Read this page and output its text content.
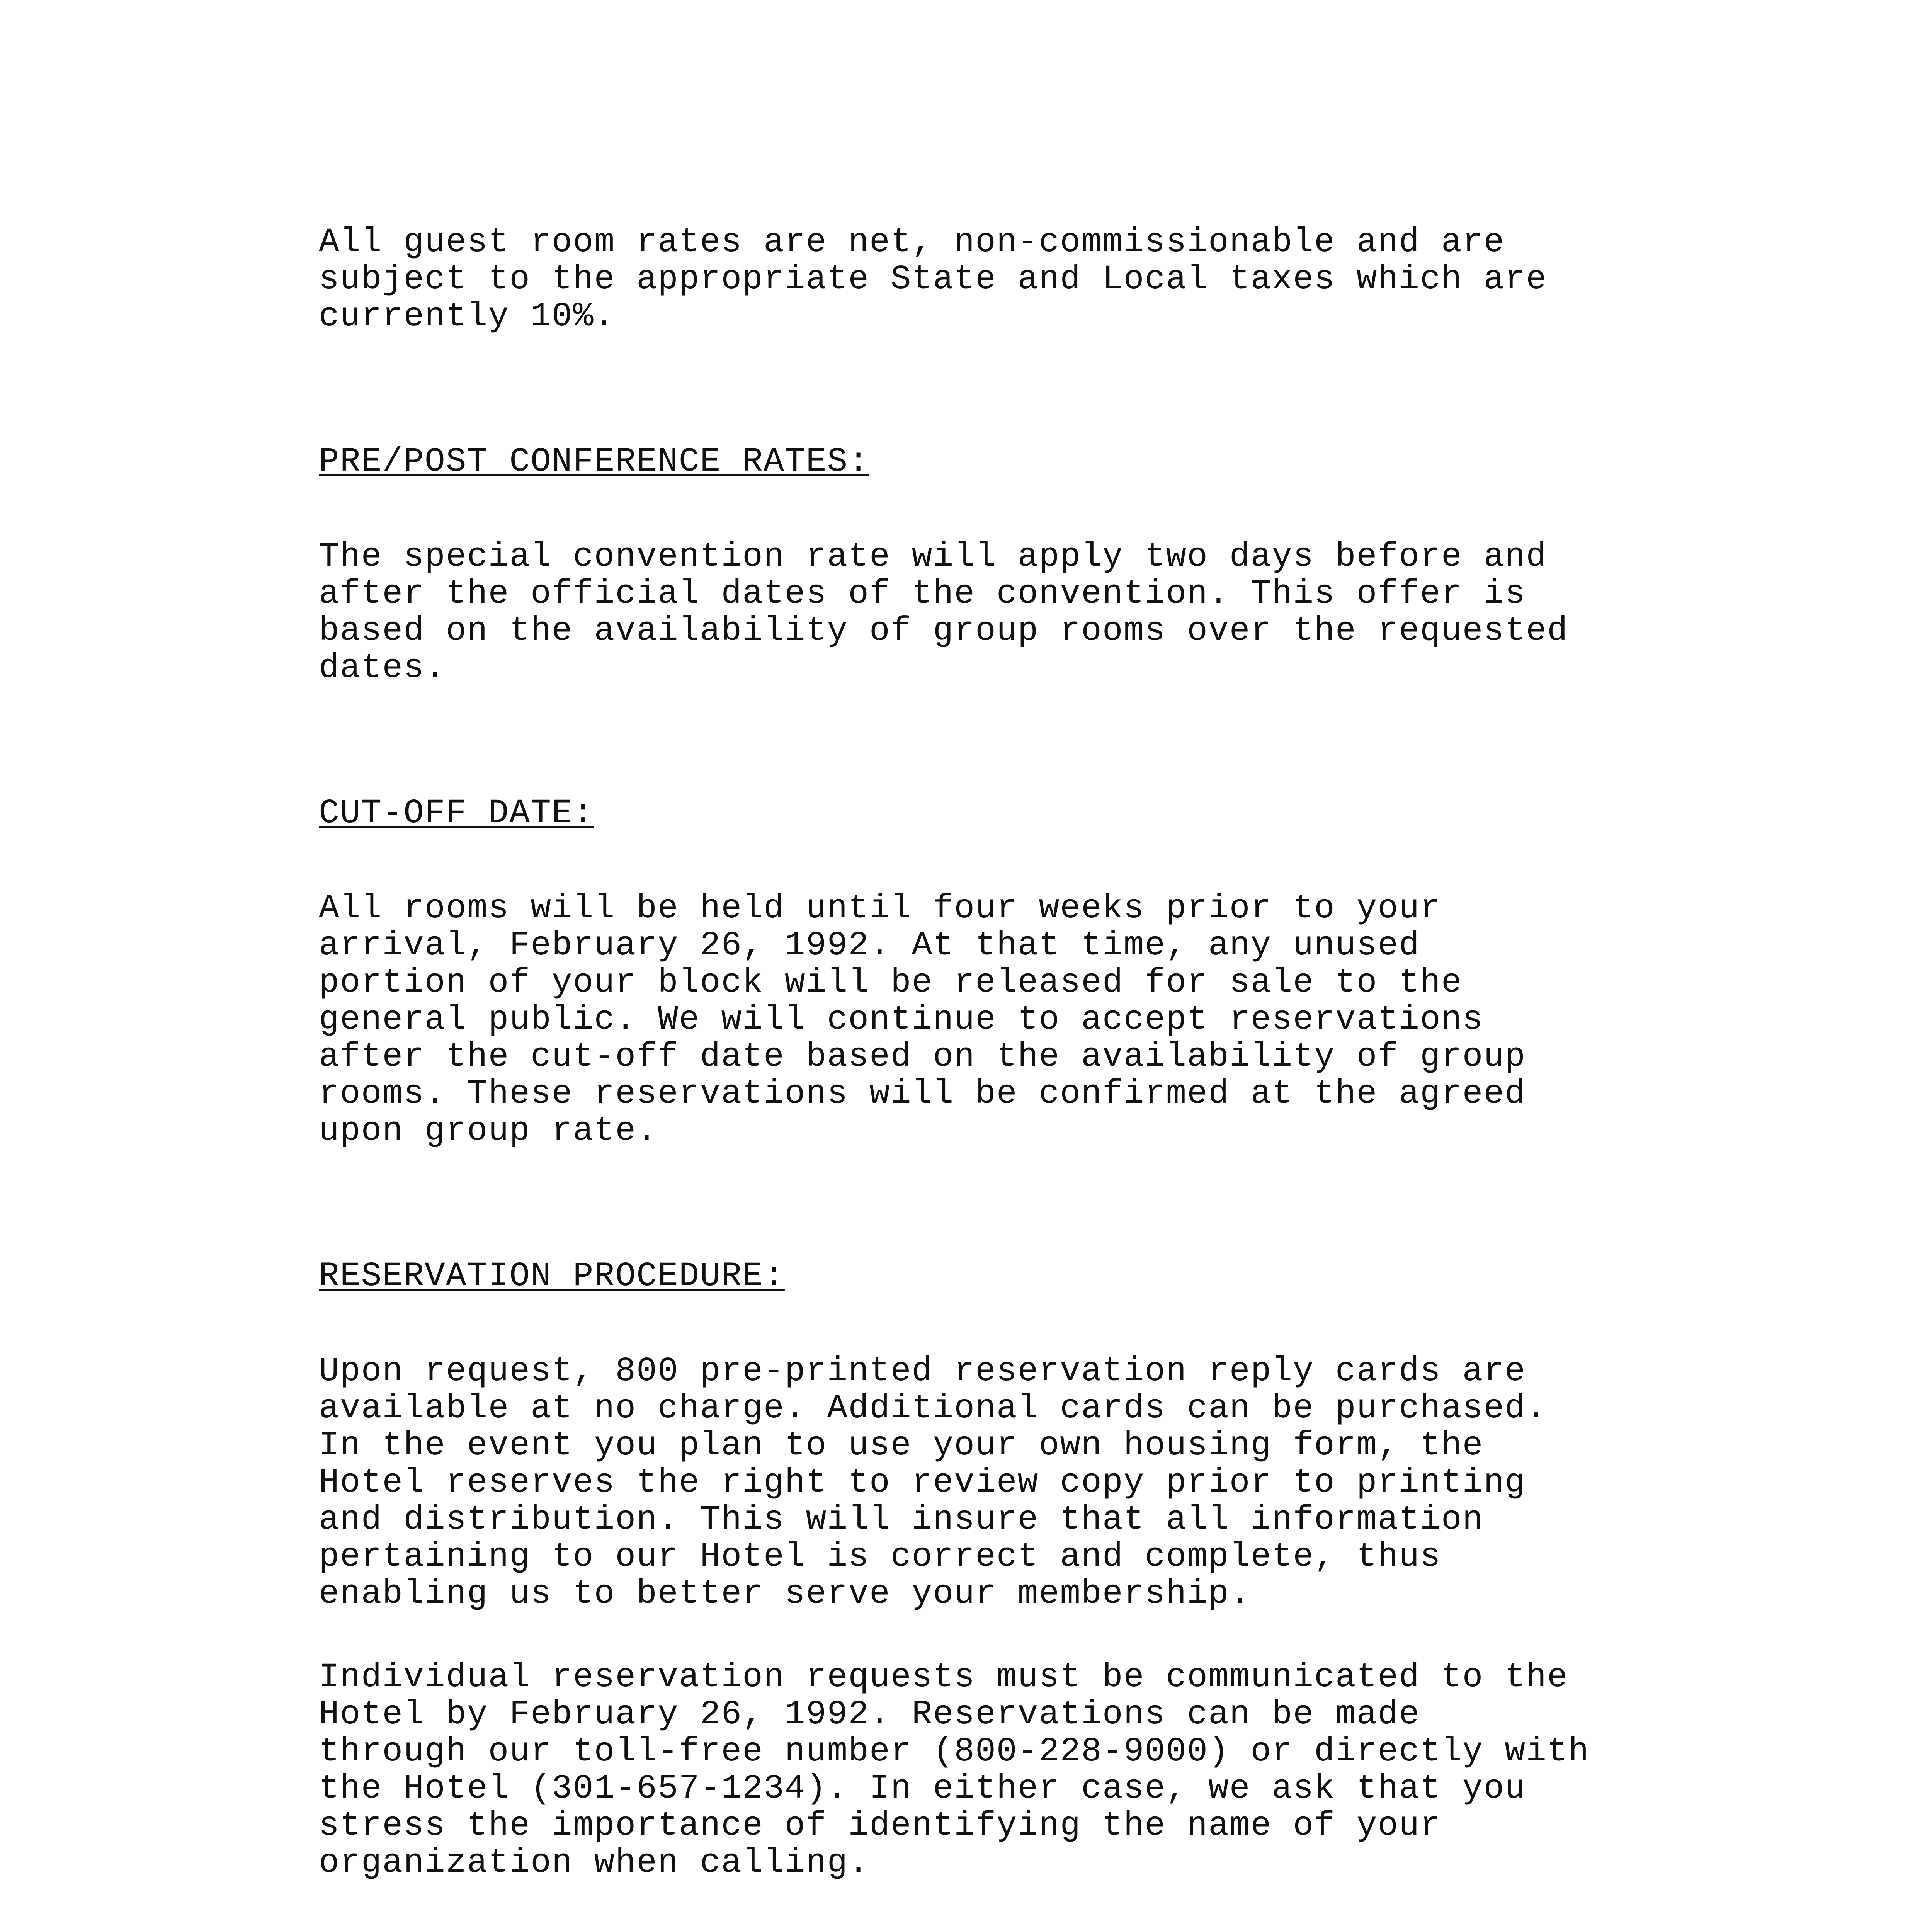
All guest room rates are net, non-commissionable and are
subject to the appropriate State and Local taxes which are
currently 10%.

PRE/POST CONFERENCE RATES:

The special convention rate will apply two days before and
after the official dates of the convention. This offer is
based on the availability of group rooms over the requested
dates.

CUT-OFF DATE:

All rooms will be held until four weeks prior to your
arrival, February 26, 1992. At that time, any unused
portion of your block will be released for sale to the
general public. We will continue to accept reservations
after the cut-off date based on the availability of group
rooms. These reservations will be confirmed at the agreed
upon group rate.

RESERVATION PROCEDURE:

Upon request, 800 pre-printed reservation reply cards are
available at no charge. Additional cards can be purchased.
In the event you plan to use your own housing form, the
Hotel reserves the right to review copy prior to printing
and distribution. This will insure that all information
pertaining to our Hotel is correct and complete, thus
enabling us to better serve your membership.

Individual reservation requests must be communicated to the
Hotel by February 26, 1992. Reservations can be made
through our toll-free number (800-228-9000) or directly with
the Hotel (301-657-1234). In either case, we ask that you
stress the importance of identifying the name of your
organization when calling.
